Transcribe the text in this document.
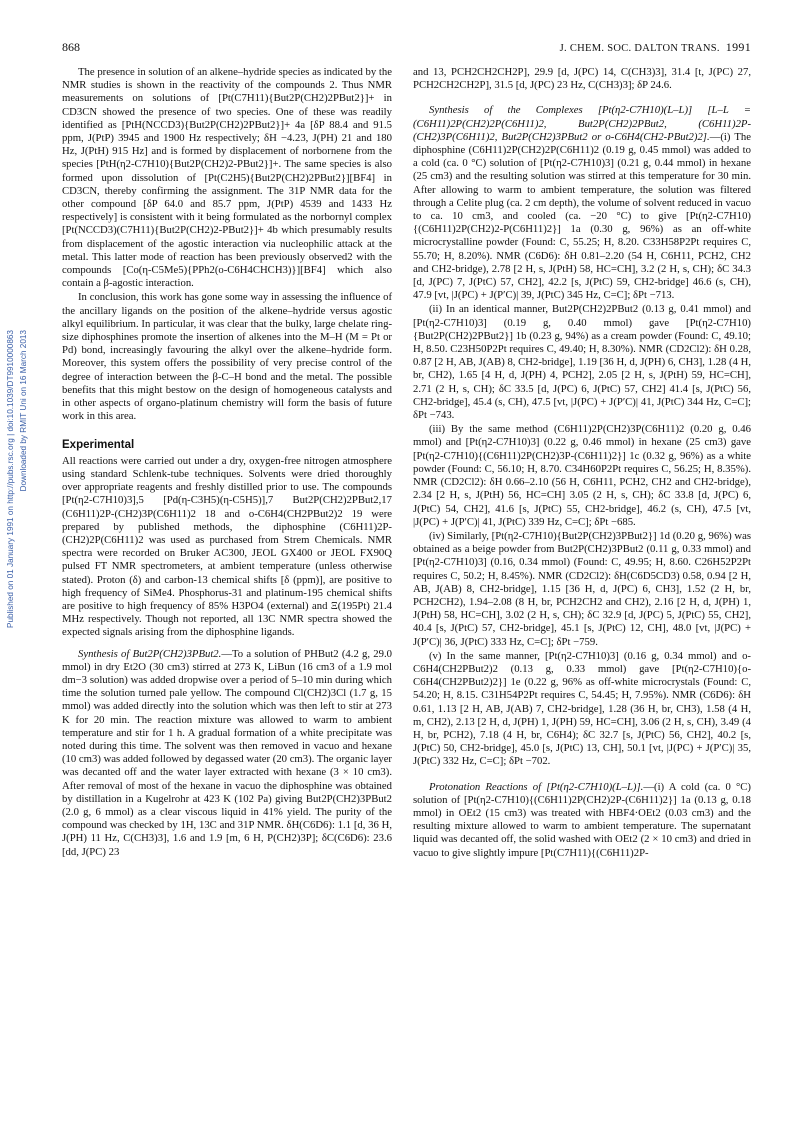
868	J. CHEM. SOC. DALTON TRANS. 1991
Published on 01 January 1991 on http://pubs.rsc.org | doi:10.1039/DT9910000863 Downloaded by RMIT Uni on 16 March 2013

The presence in solution of an alkene–hydride species as indicated by the NMR studies is shown in the reactivity of the compounds 2. Thus NMR measurements on solutions of [Pt(C7H11){But2P(CH2)2PBut2}]+ in CD3CN showed the presence of two species. One of these was readily identified as [PtH(NCCD3){But2P(CH2)2PBut2}]+ 4a [δP 88.4 and 91.5 ppm, J(PtP) 3945 and 1900 Hz respectively; δH −4.23, J(PH) 21 and 180 Hz, J(PtH) 915 Hz] and is formed by displacement of norbornene from the species [PtH(η2-C7H10){But2P(CH2)2-PBut2}]+. The same species is also formed upon dissolution of [Pt(C2H5){But2P(CH2)2PBut2}][BF4] in CD3CN, thereby confirming the assignment. The 31P NMR data for the other compound [δP 64.0 and 85.7 ppm, J(PtP) 4539 and 1433 Hz respectively] is consistent with it being formulated as the norbornyl complex [Pt(NCCD3)(C7H11){But2P(CH2)2-PBut2}]+ 4b which presumably results from displacement of the agostic interaction via nucleophilic attack at the metal. This latter mode of reaction has been previously observed2 with the compounds [Co(η-C5Me5){PPh2(o-C6H4CHCH3)}][BF4] which also contain a β-agostic interaction.

In conclusion, this work has gone some way in assessing the influence of the ancillary ligands on the position of the alkene–hydride versus agostic alkyl equilibrium. In particular, it was clear that the bulky, large chelate ring-size diphosphines promote the insertion of alkenes into the M–H (M = Pt or Pd) bond, increasingly favouring the alkyl over the alkene–hydride form. Moreover, this system offers the possibility of very precise control of the degree of interaction between the β-C–H bond and the metal. The possible benefits that this might bestow on the design of homogeneous catalysts and in other aspects of organo-platinum chemistry will form the basis of future work in this area.

Experimental

All reactions were carried out under a dry, oxygen-free nitrogen atmosphere using standard Schlenk-tube techniques. Solvents were dried thoroughly over appropriate reagents and freshly distilled prior to use. The compounds [Pt(η2-C7H10)3],5 [Pd(η-C3H5)(η-C5H5)],7 But2P(CH2)2PBut2,17 (C6H11)2P-(CH2)3P(C6H11)2 18 and o-C6H4(CH2PBut2)2 19 were prepared by published methods, the diphosphine (C6H11)2P-(CH2)2P(C6H11)2 was used as purchased from Strem Chemicals. NMR spectra were recorded on Bruker AC300, JEOL GX400 or JEOL FX90Q pulsed FT NMR spectrometers, at ambient temperature (unless otherwise stated). Proton (δ) and carbon-13 chemical shifts [δ (ppm)], are positive to high frequency of SiMe4. Phosphorus-31 and platinum-195 chemical shifts are positive to high frequency of 85% H3PO4 (external) and Ξ(195Pt) 21.4 MHz respectively. Though not reported, all 13C NMR spectra showed the expected signals arising from the diphosphine ligands.

Synthesis of But2P(CH2)3PBut2.—To a solution of PHBut2 (4.2 g, 29.0 mmol) in dry Et2O (30 cm3) stirred at 273 K, LiBun (16 cm3 of a 1.9 mol dm−3 solution) was added dropwise over a period of 5–10 min during which time the solution turned pale yellow. The compound Cl(CH2)3Cl (1.7 g, 15 mmol) was added directly into the solution which was then left to stir at 273 K for 20 min. The reaction mixture was allowed to warm to ambient temperature and stir for 1 h. A gradual formation of a white precipitate was noted during this time. The solvent was then removed in vacuo and hexane (10 cm3) was added followed by degassed water (20 cm3). The organic layer was decanted off and the water layer extracted with hexane (3 × 10 cm3). After removal of most of the hexane in vacuo the diphosphine was obtained by distillation in a Kugelrohr at 423 K (102 Pa) giving But2P(CH2)3PBut2 (2.0 g, 6 mmol) as a clear viscous liquid in 41% yield. The purity of the compound was checked by 1H, 13C and 31P NMR. δH(C6D6): 1.1 [d, 36 H, J(PH) 11 Hz, C(CH3)3], 1.6 and 1.9 [m, 6 H, P(CH2)3P]; δC(C6D6): 23.6 [dd, J(PC) 23

and 13, PCH2CH2CH2P], 29.9 [d, J(PC) 14, C(CH3)3], 31.4 [t, J(PC) 27, PCH2CH2CH2P], 31.5 [d, J(PC) 23 Hz, C(CH3)3]; δP 24.6.

Synthesis of the Complexes [Pt(η2-C7H10)(L–L)] [L–L = (C6H11)2P(CH2)2P(C6H11)2, But2P(CH2)2PBut2, (C6H11)2P-(CH2)3P(C6H11)2, But2P(CH2)3PBut2 or o-C6H4(CH2-PBut2)2].—(i) The diphosphine (C6H11)2P(CH2)2P(C6H11)2 (0.19 g, 0.45 mmol) was added to a cold (ca. 0 °C) solution of [Pt(η2-C7H10)3] (0.21 g, 0.44 mmol) in hexane (25 cm3) and the resulting solution was stirred at this temperature for 30 min. After allowing to warm to ambient temperature, the solution was filtered through a Celite plug (ca. 2 cm depth), the volume of solvent reduced in vacuo to ca. 10 cm3, and cooled (ca. −20 °C) to give [Pt(η2-C7H10){(C6H11)2P(CH2)2-P(C6H11)2}] 1a (0.30 g, 96%) as an off-white microcrystalline powder (Found: C, 55.25; H, 8.20. C33H58P2Pt requires C, 55.70; H, 8.20%). NMR (C6D6): δH 0.81–2.20 (54 H, C6H11, PCH2, CH2 and CH2-bridge), 2.78 [2 H, s, J(PtH) 58, HC=CH], 3.2 (2 H, s, CH); δC 34.3 [d, J(PC) 7, J(PtC) 57, CH2], 42.2 [s, J(PtC) 59, CH2-bridge] 46.6 (s, CH), 47.9 [vt, |J(PC) + J(P′C)| 39, J(PtC) 345 Hz, C=C]; δPt −713.

(ii) In an identical manner, But2P(CH2)2PBut2 (0.13 g, 0.41 mmol) and [Pt(η2-C7H10)3] (0.19 g, 0.40 mmol) gave [Pt(η2-C7H10){But2P(CH2)2PBut2}] 1b (0.23 g, 94%) as a cream powder (Found: C, 49.10; H, 8.50. C23H50P2Pt requires C, 49.40; H, 8.30%). NMR (CD2Cl2): δH 0.28, 0.87 [2 H, AB, J(AB) 8, CH2-bridge], 1.19 [36 H, d, J(PH) 6, CH3], 1.28 (4 H, br, CH2), 1.65 [4 H, d, J(PH) 4, PCH2], 2.05 [2 H, s, J(PtH) 59, HC=CH], 2.71 (2 H, s, CH); δC 33.5 [d, J(PC) 6, J(PtC) 57, CH2] 41.4 [s, J(PtC) 56, CH2-bridge], 45.4 (s, CH), 47.5 [vt, |J(PC) + J(P′C)| 41, J(PtC) 344 Hz, C=C]; δPt −743.

(iii) By the same method (C6H11)2P(CH2)3P(C6H11)2 (0.20 g, 0.46 mmol) and [Pt(η2-C7H10)3] (0.22 g, 0.46 mmol) in hexane (25 cm3) gave [Pt(η2-C7H10){(C6H11)2P(CH2)3P-(C6H11)2}] 1c (0.32 g, 96%) as a white powder (Found: C, 56.10; H, 8.70. C34H60P2Pt requires C, 56.25; H, 8.35%). NMR (CD2Cl2): δH 0.66–2.10 (56 H, C6H11, PCH2, CH2 and CH2-bridge), 2.34 [2 H, s, J(PtH) 56, HC=CH] 3.05 (2 H, s, CH); δC 33.8 [d, J(PC) 6, J(PtC) 54, CH2], 41.6 [s, J(PtC) 55, CH2-bridge], 46.2 (s, CH), 47.5 [vt, |J(PC) + J(P′C)| 41, J(PtC) 339 Hz, C=C]; δPt −685.

(iv) Similarly, [Pt(η2-C7H10){But2P(CH2)3PBut2}] 1d (0.20 g, 96%) was obtained as a beige powder from But2P(CH2)3PBut2 (0.11 g, 0.33 mmol) and [Pt(η2-C7H10)3] (0.16, 0.34 mmol) (Found: C, 49.95; H, 8.60. C26H52P2Pt requires C, 50.2; H, 8.45%). NMR (CD2Cl2): δH(C6D5CD3) 0.58, 0.94 [2 H, AB, J(AB) 8, CH2-bridge], 1.15 [36 H, d, J(PC) 6, CH3], 1.52 (2 H, br, PCH2CH2), 1.94–2.08 (8 H, br, PCH2CH2 and CH2), 2.16 [2 H, d, J(PH) 1, J(PtH) 58, HC=CH], 3.02 (2 H, s, CH); δC 32.9 [d, J(PC) 5, J(PtC) 55, CH2], 40.4 [s, J(PtC) 57, CH2-bridge], 45.1 [s, J(PtC) 12, CH], 48.0 [vt, |J(PC) + J(P′C)| 36, J(PtC) 333 Hz, C=C]; δPt −759.

(v) In the same manner, [Pt(η2-C7H10)3] (0.16 g, 0.34 mmol) and o-C6H4(CH2PBut2)2 (0.13 g, 0.33 mmol) gave [Pt(η2-C7H10){o-C6H4(CH2PBut2)2}] 1e (0.22 g, 96% as off-white microcrystals (Found: C, 54.20; H, 8.15. C31H54P2Pt requires C, 54.45; H, 7.95%). NMR (C6D6): δH 0.61, 1.13 [2 H, AB, J(AB) 7, CH2-bridge], 1.28 (36 H, br, CH3), 1.58 (4 H, m, CH2), 2.13 [2 H, d, J(PH) 1, J(PH) 59, HC=CH], 3.06 (2 H, s, CH), 3.49 (4 H, br, PCH2), 7.18 (4 H, br, C6H4); δC 32.7 [s, J(PtC) 56, CH2], 40.2 [s, J(PtC) 50, CH2-bridge], 45.0 [s, J(PtC) 13, CH], 50.1 [vt, |J(PC) + J(P′C)| 35, J(PtC) 332 Hz, C=C]; δPt −702.

Protonation Reactions of [Pt(η2-C7H10)(L–L)].—(i) A cold (ca. 0 °C) solution of [Pt(η2-C7H10){(C6H11)2P(CH2)2P-(C6H11)2}] 1a (0.13 g, 0.18 mmol) in OEt2 (15 cm3) was treated with HBF4·OEt2 (0.03 cm3) and the resulting mixture allowed to warm to ambient temperature. The supernatant liquid was decanted off, the solid washed with OEt2 (2 × 10 cm3) and dried in vacuo to give slightly impure [Pt(C7H11){(C6H11)2P-
